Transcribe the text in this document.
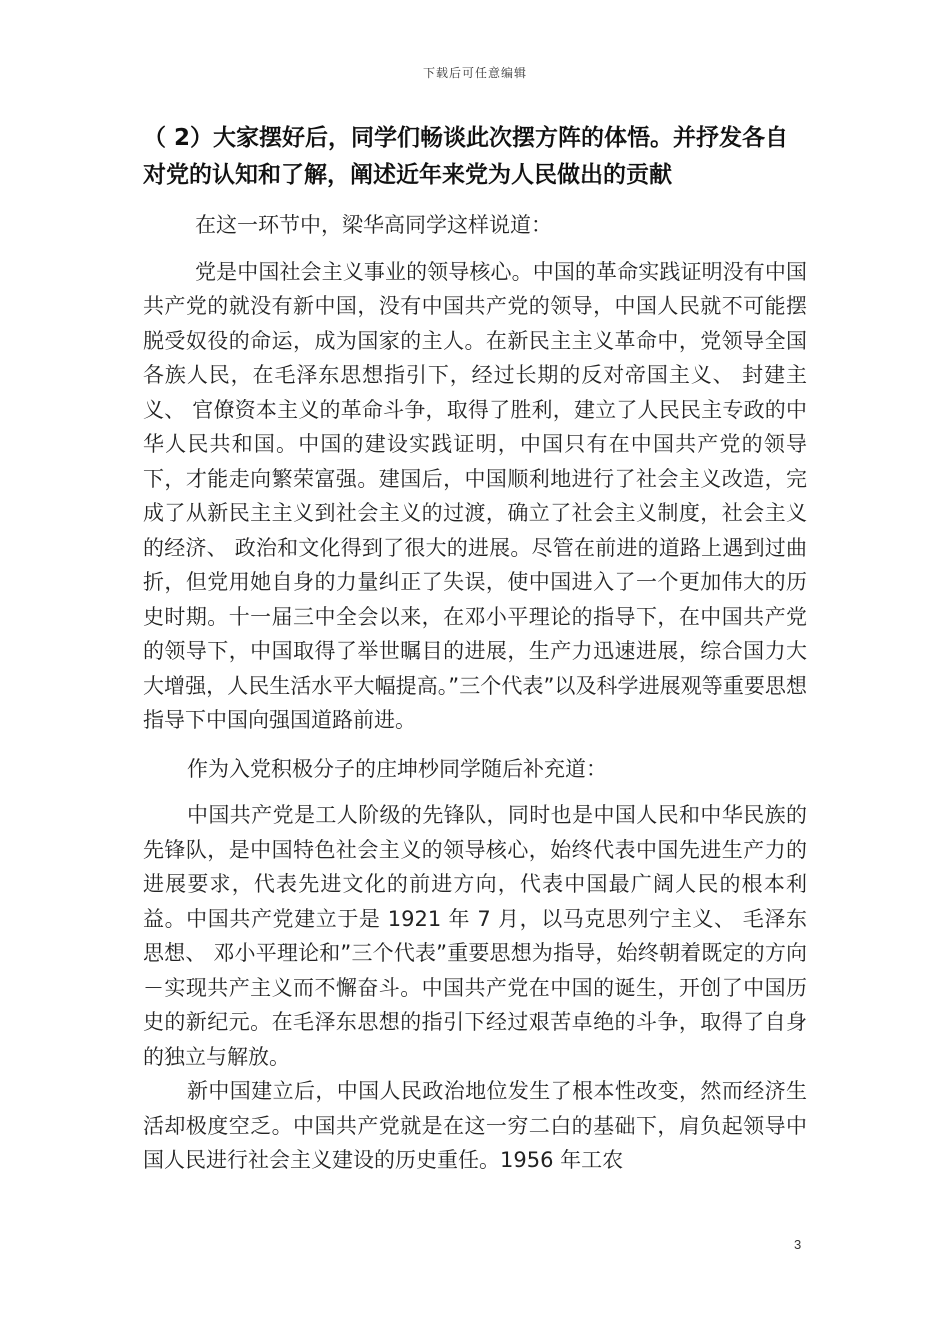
下载后可任意编辑

（ 2）大家摆好后，同学们畅谈此次摆方阵的体悟。并抒发各自对党的认知和了解，阐述近年来党为人民做出的贡献

在这一环节中，梁华高同学这样说道：

党是中国社会主义事业的领导核心。中国的革命实践证明没有中国共产党的就没有新中国，没有中国共产党的领导，中国人民就不可能摆脱受奴役的命运，成为国家的主人。在新民主主义革命中，党领导全国各族人民，在毛泽东思想指引下，经过长期的反对帝国主义、 封建主义、 官僚资本主义的革命斗争，取得了胜利，建立了人民民主专政的中华人民共和国。中国的建设实践证明，中国只有在中国共产党的领导下，才能走向繁荣富强。建国后，中国顺利地进行了社会主义改造，完成了从新民主主义到社会主义的过渡，确立了社会主义制度，社会主义的经济、 政治和文化得到了很大的进展。尽管在前进的道路上遇到过曲折，但党用她自身的力量纠正了失误，使中国进入了一个更加伟大的历史时期。十一届三中全会以来，在邓小平理论的指导下，在中国共产党的领导下，中国取得了举世瞩目的进展，生产力迅速进展，综合国力大大增强，人民生活水平大幅提高。”三个代表”以及科学进展观等重要思想指导下中国向强国道路前进。

作为入党积极分子的庄坤杪同学随后补充道：

中国共产党是工人阶级的先锋队，同时也是中国人民和中华民族的先锋队，是中国特色社会主义的领导核心，始终代表中国先进生产力的进展要求，代表先进文化的前进方向，代表中国最广阔人民的根本利益。中国共产党建立于是 1921 年 7 月，以马克思列宁主义、 毛泽东思想、 邓小平理论和”三个代表”重要思想为指导，始终朝着既定的方向－实现共产主义而不懈奋斗。中国共产党在中国的诞生，开创了中国历史的新纪元。在毛泽东思想的指引下经过艰苦卓绝的斗争，取得了自身的独立与解放。

新中国建立后，中国人民政治地位发生了根本性改变，然而经济生活却极度空乏。中国共产党就是在这一穷二白的基础下，肩负起领导中国人民进行社会主义建设的历史重任。1956 年工农

3
